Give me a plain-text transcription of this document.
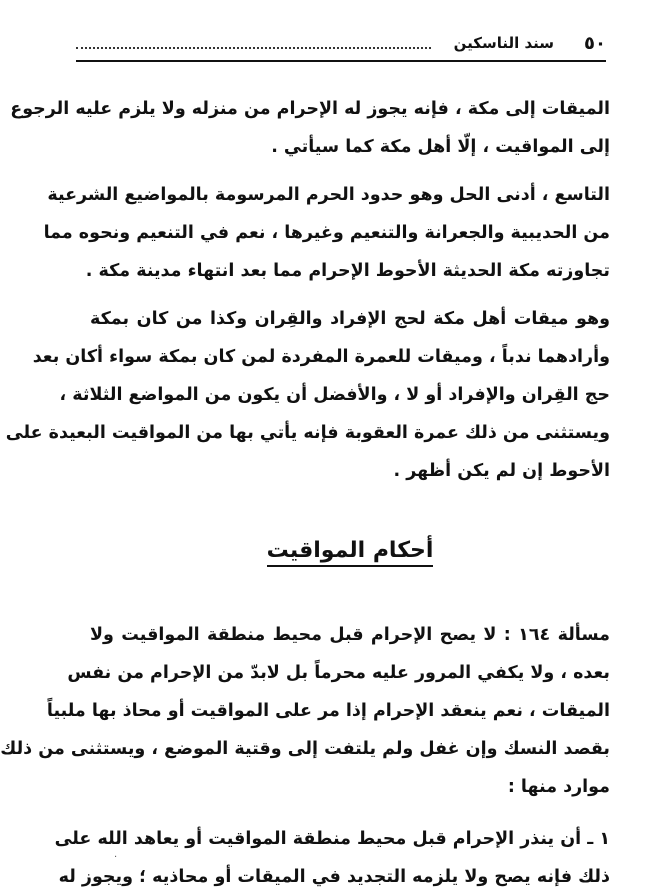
٥٠
سند الناسكين
الميقات إلى مكة ، فإنه يجوز له الإحرام من منزله ولا يلزم عليه الرجوع
إلى المواقيت ، إلّا أهل مكة كما سيأتي .
التاسع ، أدنى الحل وهو حدود الحرم المرسومة بالمواضيع الشرعية
من الحديبية والجعرانة والتنعيم وغيرها ، نعم في التنعيم ونحوه مما
تجاوزته مكة الحديثة الأحوط الإحرام مما بعد انتهاء مدينة مكة .
وهو ميقات أهل مكة لحج الإفراد والقِران وكذا من كان بمكة
وأرادهما ندباً ، وميقات للعمرة المفردة لمن كان بمكة سواء أكان بعد
حج القِران والإفراد أو لا ، والأفضل أن يكون من المواضع الثلاثة ،
ويستثنى من ذلك عمرة العقوبة فإنه يأتي بها من المواقيت البعيدة على
الأحوط إن لم يكن أظهر .
أحكام المواقيت
مسألة ١٦٤ : لا يصح الإحرام قبل محيط منطقة المواقيت ولا
بعده ، ولا يكفي المرور عليه محرماً بل لابدّ من الإحرام من نفس
الميقات ، نعم ينعقد الإحرام إذا مر على المواقيت أو محاذ بها ملبياً
بقصد النسك وإن غفل ولم يلتفت إلى وقتية الموضع ، ويستثنى من ذلك
موارد منها :
١ ـ أن ينذر الإحرام قبل محيط منطقة المواقيت أو يعاهد الله على
ذلك فإنه يصح ولا يلزمه التجديد في الميقات أو محاذيه ؛ ويجوز له
·
